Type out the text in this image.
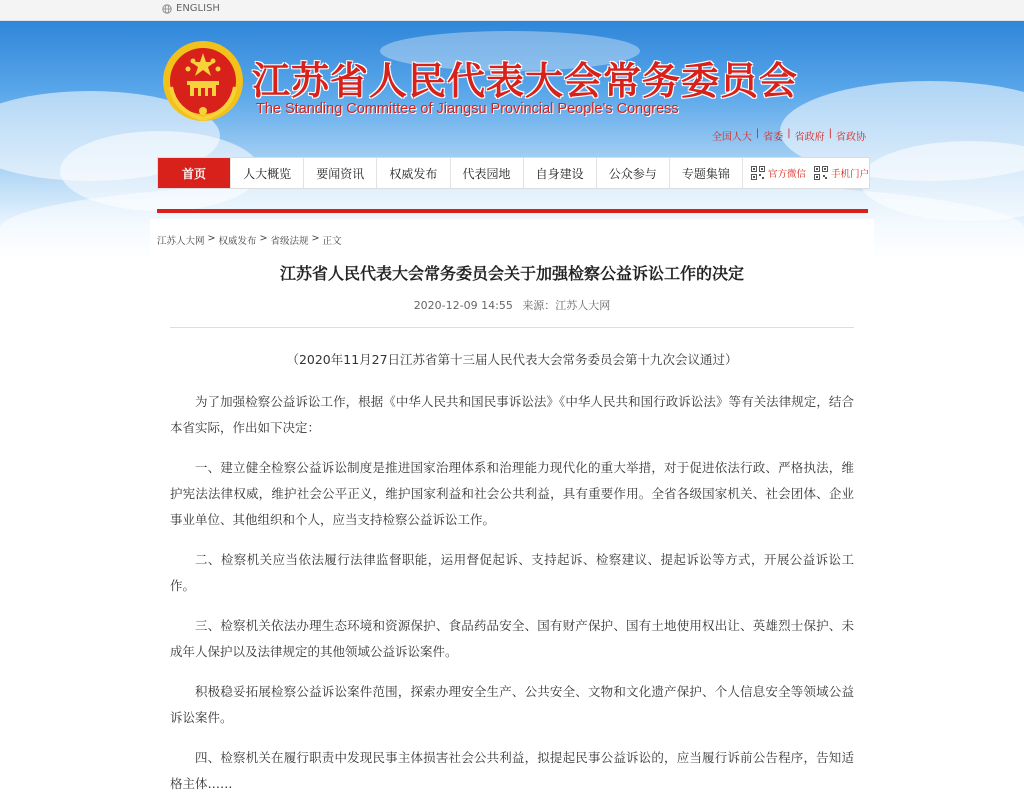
ENGLISH
江苏省人民代表大会常务委员会
The Standing Committee of Jiangsu Provincial People's Congress
全国人大 | 省委 | 省政府 | 省政协
首页	人大概览	要闻资讯	权威发布	代表园地	自身建设	公众参与	专题集锦	官方微信	手机门户
江苏人大网 > 权威发布 > 省级法规 > 正文
江苏省人民代表大会常务委员会关于加强检察公益诉讼工作的决定
2020-12-09 14:55 来源：江苏人大网

（2020年11月27日江苏省第十三届人民代表大会常务委员会第十九次会议通过）

为了加强检察公益诉讼工作，根据《中华人民共和国民事诉讼法》《中华人民共和国行政诉讼法》等有关法律规定，结合本省实际，作出如下决定：

一、建立健全检察公益诉讼制度是推进国家治理体系和治理能力现代化的重大举措，对于促进依法行政、严格执法，维护宪法法律权威，维护社会公平正义，维护国家利益和社会公共利益，具有重要作用。全省各级国家机关、社会团体、企业事业单位、其他组织和个人，应当支持检察公益诉讼工作。

二、检察机关应当依法履行法律监督职能，运用督促起诉、支持起诉、检察建议、提起诉讼等方式，开展公益诉讼工作。

三、检察机关依法办理生态环境和资源保护、食品药品安全、国有财产保护、国有土地使用权出让、英雄烈士保护、未成年人保护以及法律规定的其他领域公益诉讼案件。

积极稳妥拓展检察公益诉讼案件范围，探索办理安全生产、公共安全、文物和文化遗产保护、个人信息安全等领域公益诉讼案件。

四、检察机关在履行职责中发现民事主体损害社会公共利益，拟提起民事公益诉讼的，应当履行诉前公告程序，告知适格主体……
